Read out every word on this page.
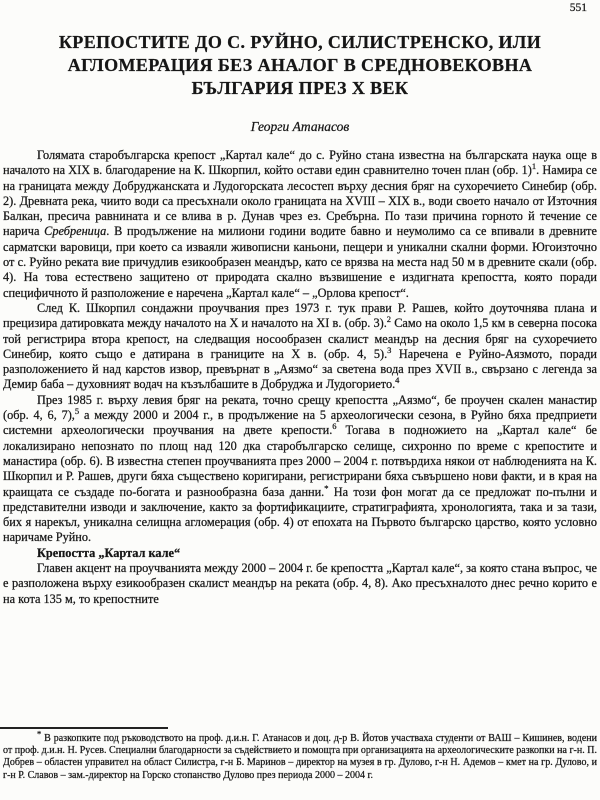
551
КРЕПОСТИТЕ ДО С. РУЙНО, СИЛИСТРЕНСКО, ИЛИ
АГЛОМЕРАЦИЯ БЕЗ АНАЛОГ В СРЕДНОВЕКОВНА
БЪЛГАРИЯ ПРЕЗ X ВЕК
Георги Атанасов

Голямата старобългарска крепост „Картал кале“ до с. Руйно стана известна на българската наука още в началото на XIX в. благодарение на К. Шкорпил, който остави един сравнително точен план (обр. 1)$^1$. Намира се на границата между Добруджанската и Лудогорската лесостеп върху десния бряг на сухоречието Синебир (обр. 2). Древната река, чиито води са пресъхнали около границата на XVIII – XIX в., води своето начало от Източния Балкан, пресича равнината и се влива в р. Дунав чрез ез. Сребърна. По тази причина горното й течение се нарича Сребреница. В продължение на милиони години водите бавно и неумолимо са се впивали в древните сарматски варовици, при което са изваяли живописни каньони, пещери и уникални скални форми. Югоизточно от с. Руйно реката вие причудлив езикообразен меандър, като се врязва на места над 50 м в древните скали (обр. 4). На това естествено защитено от природата скално възвишение е издигната крепостта, която поради специфичното й разположение е наречена „Картал кале“ – „Орлова крепост“.

След К. Шкорпил сондажни проучвания през 1973 г. тук прави Р. Рашев, който доуточнява плана и прецизира датировката между началото на X и началото на XI в. (обр. 3).$^2$ Само на около 1,5 км в северна посока той регистрира втора крепост, на следващия носообразен скалист меандър на десния бряг на сухоречието Синебир, която също е датирана в границите на X в. (обр. 4, 5).$^3$ Наречена е Руйно-Аязмото, поради разположението й над карстов извор, превърнат в „Аязмо“ за светена вода през XVII в., свързано с легенда за Демир баба – духовният водач на къзълбашите в Добруджа и Лудогорието.$^4$

През 1985 г. върху левия бряг на реката, точно срещу крепостта „Аязмо“, бе проучен скален манастир (обр. 4, 6, 7),$^5$ а между 2000 и 2004 г., в продължение на 5 археологически сезона, в Руйно бяха предприети системни археологически проучвания на двете крепости.$^6$ Тогава в подножието на „Картал кале“ бе локализирано непознато по площ над 120 дка старобългарско селище, сихронно по време с крепостите и манастира (обр. 6). В известна степен проучванията през 2000 – 2004 г. потвърдиха някои от наблюденията на К. Шкорпил и Р. Рашев, други бяха съществено коригирани, регистрирани бяха съвършено нови факти, и в края на краищата се създаде по-богата и разнообразна база данни.* На този фон могат да се предложат по-пълни и представителни изводи и заключение, както за фортификациите, стратиграфията, хронологията, така и за тази, бих я нарекъл, уникална селищна агломерация (обр. 4) от епохата на Първото българско царство, която условно наричаме Руйно.

Крепостта „Картал кале“

Главен акцент на проучванията между 2000 – 2004 г. бе крепостта „Картал кале“, за която стана въпрос, че е разположена върху езикообразен скалист меандър на реката (обр. 4, 8). Ако пресъхналото днес речно корито е на кота 135 м, то крепостните

* В разкопките под ръководството на проф. д.и.н. Г. Атанасов и доц. д-р В. Йотов участваха студенти от ВАШ – Кишинев, водени от проф. д.и.н. Н. Русев. Специални благодарности за съдействието и помощта при организацията на археологическите разкопки на г-н. П. Добрев – областен управител на област Силистра, г-н Б. Маринов – директор на музея в гр. Дулово, г-н Н. Адемов – кмет на гр. Дулово, и г-н Р. Славов – зам.-директор на Горско стопанство Дулово през периода 2000 – 2004 г.
